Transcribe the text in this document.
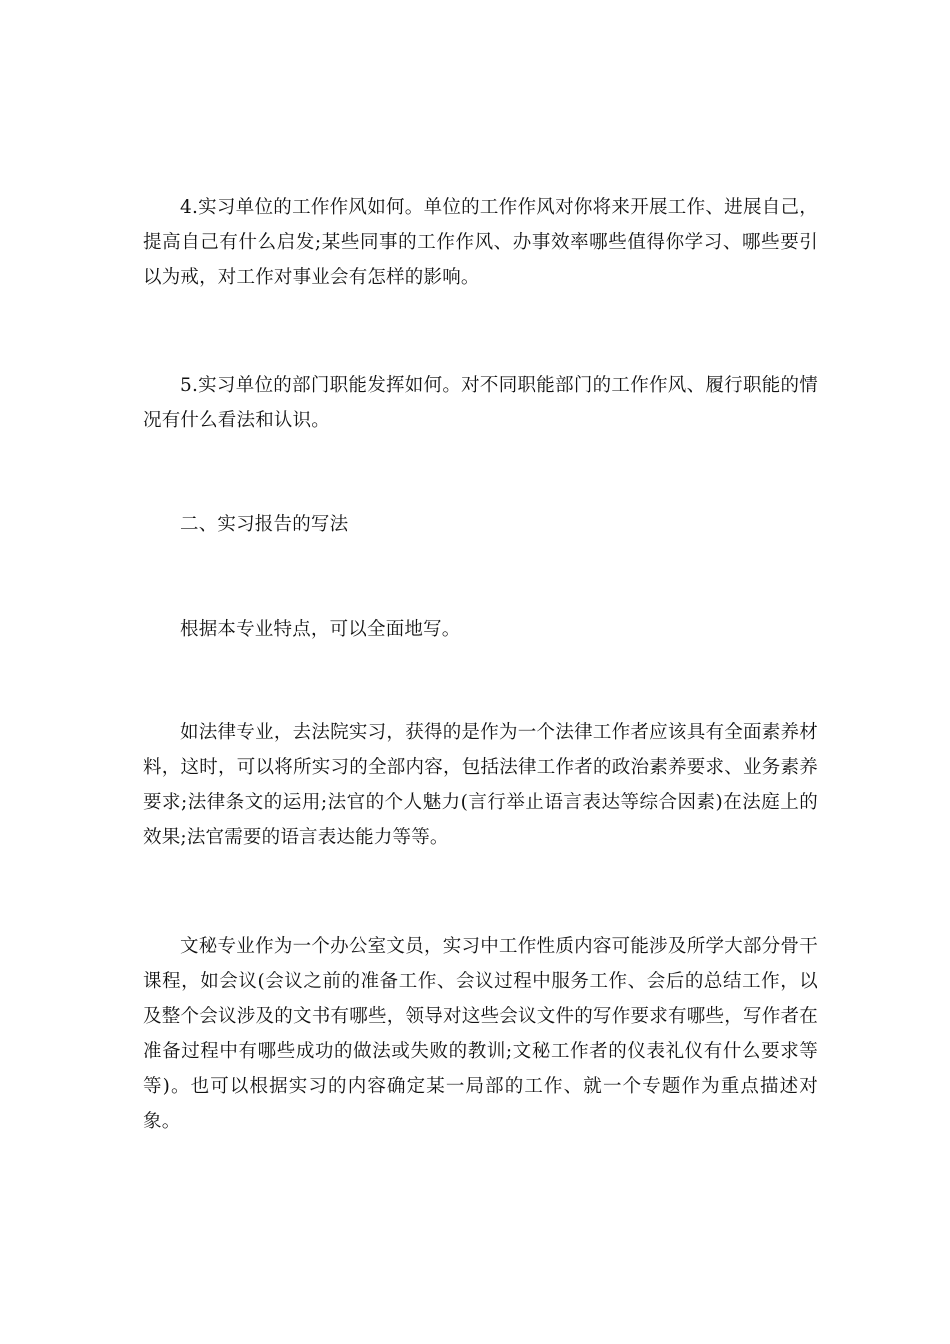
4.实习单位的工作作风如何。单位的工作作风对你将来开展工作、进展自己，提高自己有什么启发;某些同事的工作作风、办事效率哪些值得你学习、哪些要引以为戒，对工作对事业会有怎样的影响。

5.实习单位的部门职能发挥如何。对不同职能部门的工作作风、履行职能的情况有什么看法和认识。

二、实习报告的写法

根据本专业特点，可以全面地写。

如法律专业，去法院实习，获得的是作为一个法律工作者应该具有全面素养材料，这时，可以将所实习的全部内容，包括法律工作者的政治素养要求、业务素养要求;法律条文的运用;法官的个人魅力(言行举止语言表达等综合因素)在法庭上的效果;法官需要的语言表达能力等等。

文秘专业作为一个办公室文员，实习中工作性质内容可能涉及所学大部分骨干课程，如会议(会议之前的准备工作、会议过程中服务工作、会后的总结工作，以及整个会议涉及的文书有哪些，领导对这些会议文件的写作要求有哪些，写作者在准备过程中有哪些成功的做法或失败的教训;文秘工作者的仪表礼仪有什么要求等等)。也可以根据实习的内容确定某一局部的工作、就一个专题作为重点描述对象。
